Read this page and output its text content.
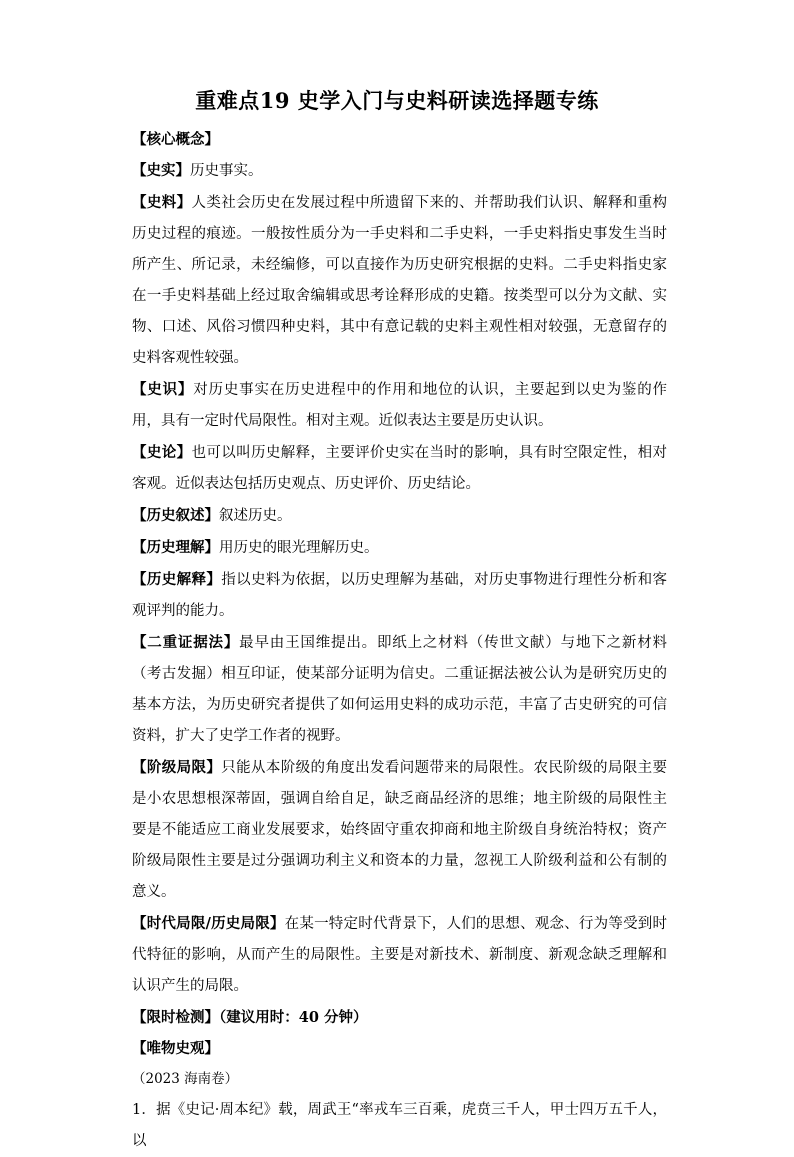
重难点19 史学入门与史料研读选择题专练

【核心概念】

【史实】历史事实。

【史料】人类社会历史在发展过程中所遗留下来的、并帮助我们认识、解释和重构历史过程的痕迹。一般按性质分为一手史料和二手史料，一手史料指史事发生当时所产生、所记录，未经编修，可以直接作为历史研究根据的史料。二手史料指史家在一手史料基础上经过取舍编辑或思考诠释形成的史籍。按类型可以分为文献、实物、口述、风俗习惯四种史料，其中有意记载的史料主观性相对较强，无意留存的史料客观性较强。

【史识】对历史事实在历史进程中的作用和地位的认识，主要起到以史为鉴的作用，具有一定时代局限性。相对主观。近似表达主要是历史认识。

【史论】也可以叫历史解释，主要评价史实在当时的影响，具有时空限定性，相对客观。近似表达包括历史观点、历史评价、历史结论。

【历史叙述】叙述历史。

【历史理解】用历史的眼光理解历史。

【历史解释】指以史料为依据，以历史理解为基础，对历史事物进行理性分析和客观评判的能力。

【二重证据法】最早由王国维提出。即纸上之材料（传世文献）与地下之新材料（考古发掘）相互印证，使某部分证明为信史。二重证据法被公认为是研究历史的基本方法，为历史研究者提供了如何运用史料的成功示范，丰富了古史研究的可信资料，扩大了史学工作者的视野。

【阶级局限】只能从本阶级的角度出发看问题带来的局限性。农民阶级的局限主要是小农思想根深蒂固，强调自给自足，缺乏商品经济的思维；地主阶级的局限性主要是不能适应工商业发展要求，始终固守重农抑商和地主阶级自身统治特权；资产阶级局限性主要是过分强调功利主义和资本的力量，忽视工人阶级利益和公有制的意义。

【时代局限/历史局限】在某一特定时代背景下，人们的思想、观念、行为等受到时代特征的影响，从而产生的局限性。主要是对新技术、新制度、新观念缺乏理解和认识产生的局限。

【限时检测】（建议用时：40 分钟）

【唯物史观】

（2023 海南卷）

1．据《史记·周本纪》载，周武王“率戎车三百乘，虎贲三千人，甲士四万五千人，以
